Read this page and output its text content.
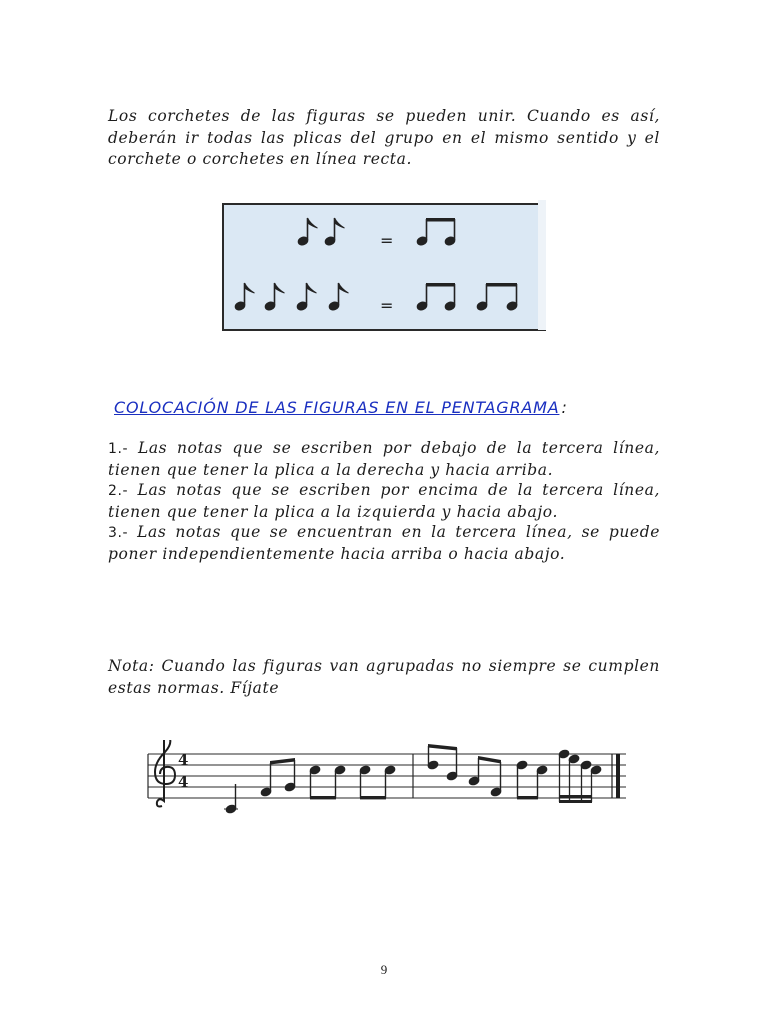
Los corchetes de las figuras se pueden unir. Cuando es así, deberán ir todas las plicas del grupo en el mismo sentido y el corchete o corchetes en línea recta.
=
=
COLOCACIÓN DE LAS FIGURAS EN EL PENTAGRAMA :
1.- Las notas que se escriben por debajo de la tercera línea, tienen que tener la plica a la derecha y hacia arriba.
2.- Las notas que se escriben por encima de la tercera línea, tienen que tener la plica a la izquierda y hacia abajo.
3.- Las notas que se encuentran en la tercera línea, se puede poner independientemente hacia arriba o hacia abajo.
Nota: Cuando las figuras van agrupadas no siempre se cumplen estas normas. Fíjate
4
4
9
